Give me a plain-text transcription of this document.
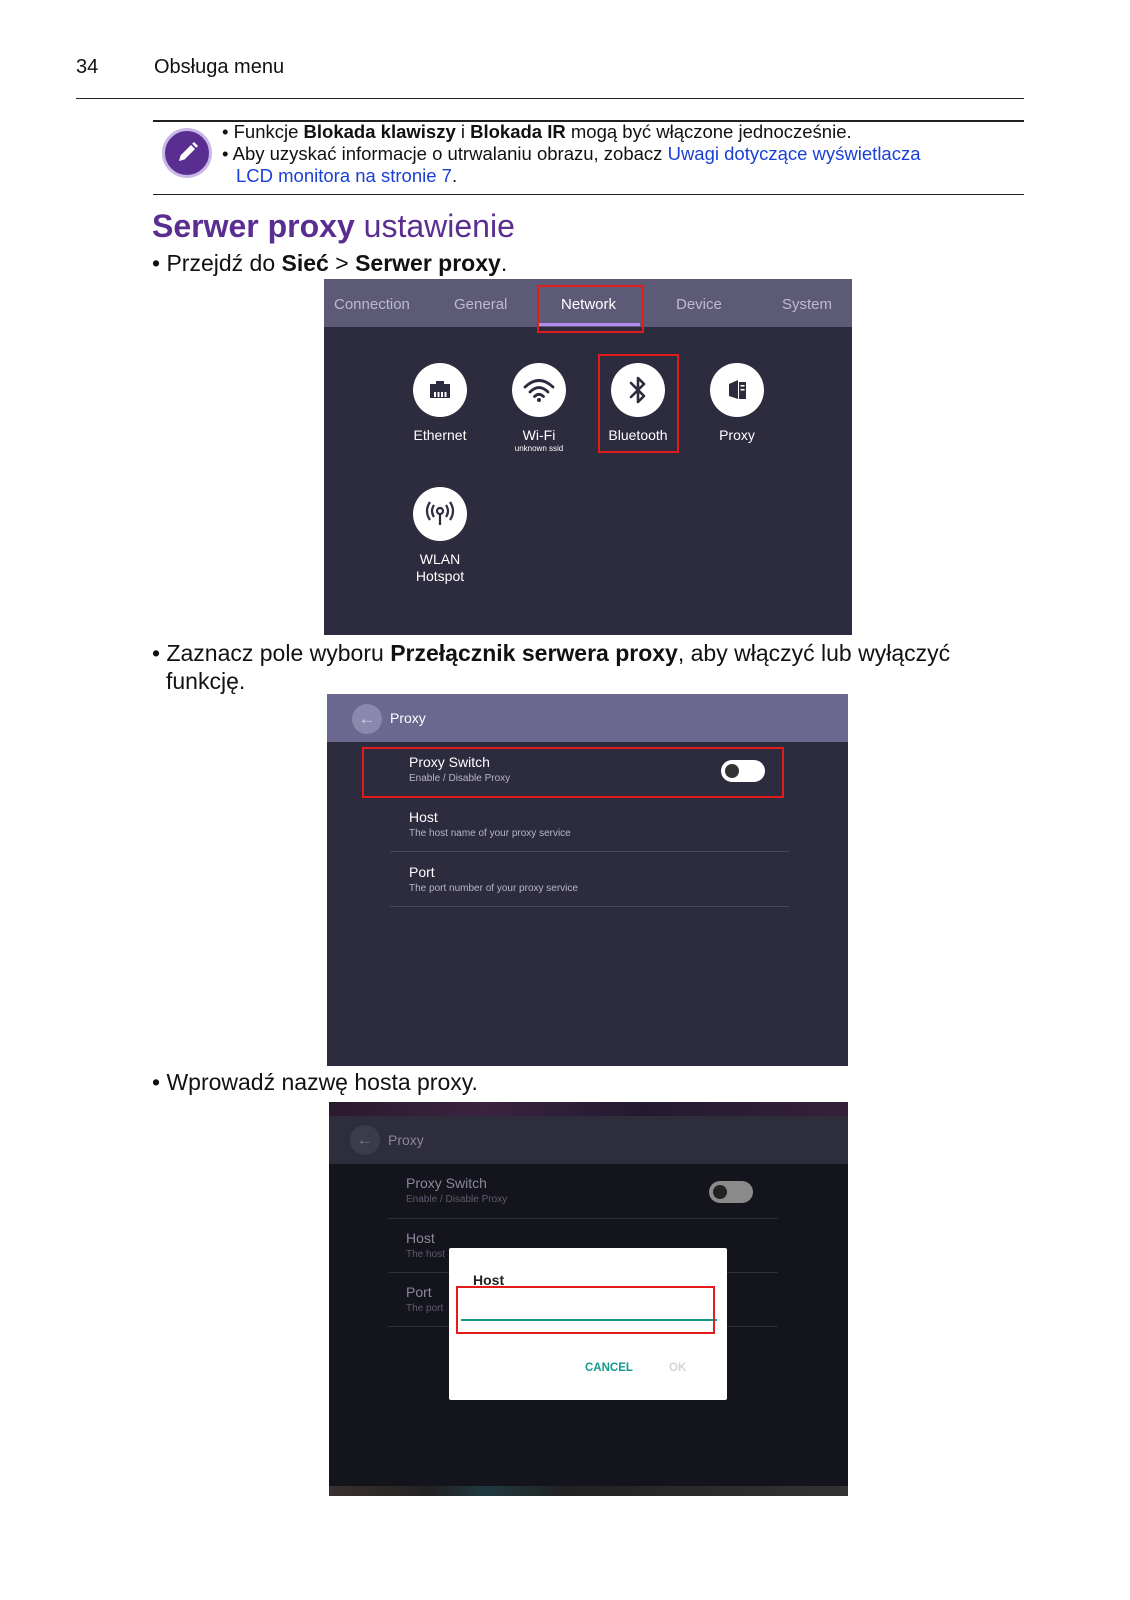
34	Obsługa menu

• Funkcje Blokada klawiszy i Blokada IR mogą być włączone jednocześnie.

• Aby uzyskać informacje o utrwalaniu obrazu, zobacz Uwagi dotyczące wyświetlacza

LCD monitora na stronie 7.

Serwer proxy ustawienie
• Przejdź do Sieć > Serwer proxy.
Connection	General	Network	Device	System
Ethernet	Wi-Fi
unknown ssid
Bluetooth	Proxy
WLAN
Hotspot
• Zaznacz pole wyboru Przełącznik serwera proxy, aby włączyć lub wyłączyć
funkcję.
←	Proxy
Proxy Switch
Enable / Disable Proxy
Host
The host name of your proxy service
Port
The port number of your proxy service
• Wprowadź nazwę hosta proxy.
←	Proxy
Proxy Switch
Enable / Disable Proxy
Host
The host
Port
The port
Host
CANCEL	OK
